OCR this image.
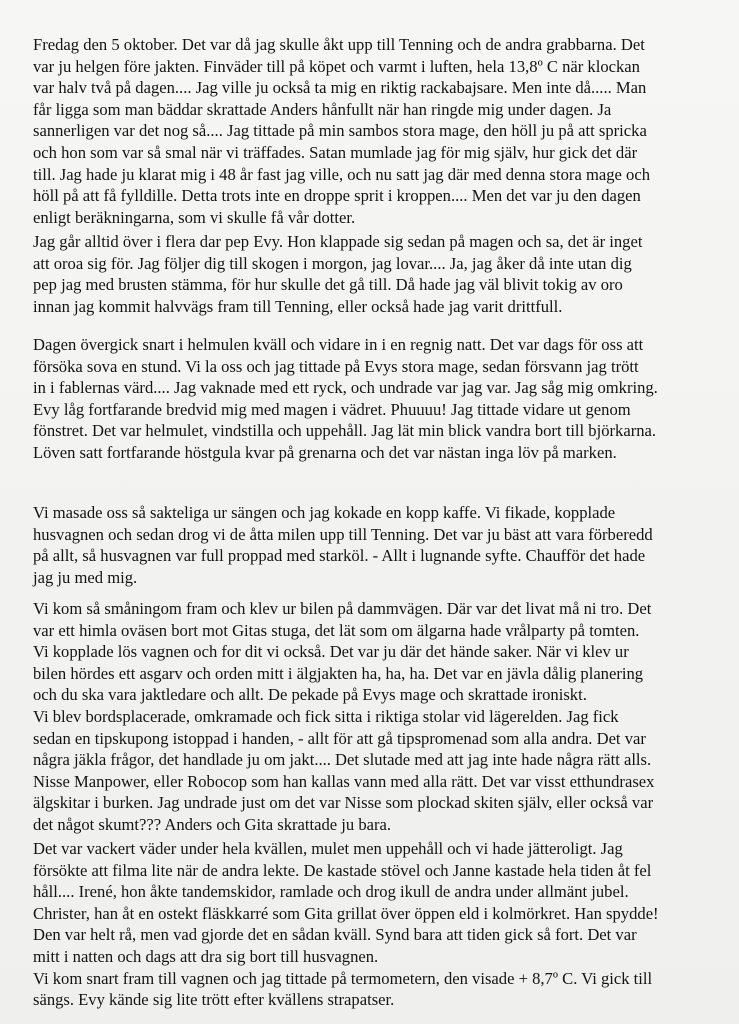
Fredag den 5 oktober. Det var då jag skulle åkt upp till Tenning och de andra grabbarna. Det
var ju helgen före jakten. Finväder till på köpet och varmt i luften, hela 13,8º C när klockan
var halv två på dagen.... Jag ville ju också ta mig en riktig rackabajsare. Men inte då..... Man
får ligga som man bäddar skrattade Anders hånfullt när han ringde mig under dagen. Ja
sannerligen var det nog så.... Jag tittade på min sambos stora mage, den höll ju på att spricka
och hon som var så smal när vi träffades. Satan mumlade jag för mig själv, hur gick det där
till. Jag hade ju klarat mig i 48 år fast jag ville, och nu satt jag där med denna stora mage och
höll på att få fylldille. Detta trots inte en droppe sprit i kroppen.... Men det var ju den dagen
enligt beräkningarna, som vi skulle få vår dotter.
Jag går alltid över i flera dar pep Evy. Hon klappade sig sedan på magen och sa, det är inget
att oroa sig för. Jag följer dig till skogen i morgon, jag lovar.... Ja, jag åker då inte utan dig
pep jag med brusten stämma, för hur skulle det gå till. Då hade jag väl blivit tokig av oro
innan jag kommit halvvägs fram till Tenning, eller också hade jag varit drittfull.
Dagen övergick snart i helmulen kväll och vidare in i en regnig natt. Det var dags för oss att
försöka sova en stund. Vi la oss och jag tittade på Evys stora mage, sedan försvann jag trött
in i fablernas värd.... Jag vaknade med ett ryck, och undrade var jag var. Jag såg mig omkring.
Evy låg fortfarande bredvid mig med magen i vädret. Phuuuu! Jag tittade vidare ut genom
fönstret. Det var helmulet, vindstilla och uppehåll. Jag lät min blick vandra bort till björkarna.
Löven satt fortfarande höstgula kvar på grenarna och det var nästan inga löv på marken.
Vi masade oss så sakteliga ur sängen och jag kokade en kopp kaffe. Vi fikade, kopplade
husvagnen och sedan drog vi de åtta milen upp till Tenning. Det var ju bäst att vara förberedd
på allt, så husvagnen var full proppad med starköl. - Allt i lugnande syfte. Chaufför det hade
jag ju med mig.
Vi kom så småningom fram och klev ur bilen på dammvägen. Där var det livat må ni tro. Det
var ett himla oväsen bort mot Gitas stuga, det lät som om älgarna hade vrålparty på tomten.
Vi kopplade lös vagnen och for dit vi också. Det var ju där det hände saker. När vi klev ur
bilen hördes ett asgarv och orden mitt i älgjakten ha, ha, ha. Det var en jävla dålig planering
och du ska vara jaktledare och allt. De pekade på Evys mage och skrattade ironiskt.
Vi blev bordsplacerade, omkramade och fick sitta i riktiga stolar vid lägerelden. Jag fick
sedan en tipskupong istoppad i handen, - allt för att gå tipspromenad som alla andra. Det var
några jäkla frågor, det handlade ju om jakt.... Det slutade med att jag inte hade några rätt alls.
Nisse Manpower, eller Robocop som han kallas vann med alla rätt. Det var visst etthundrasex
älgskitar i burken. Jag undrade just om det var Nisse som plockad skiten själv, eller också var
det något skumt??? Anders och Gita skrattade ju bara.
Det var vackert väder under hela kvällen, mulet men uppehåll och vi hade jätteroligt. Jag
försökte att filma lite när de andra lekte. De kastade stövel och Janne kastade hela tiden åt fel
håll.... Irené, hon åkte tandemskidor, ramlade och drog ikull de andra under allmänt jubel.
Christer, han åt en ostekt fläskkarré som Gita grillat över öppen eld i kolmörkret. Han spydde!
Den var helt rå, men vad gjorde det en sådan kväll. Synd bara att tiden gick så fort. Det var
mitt i natten och dags att dra sig bort till husvagnen.
Vi kom snart fram till vagnen och jag tittade på termometern, den visade + 8,7º C. Vi gick till
sängs. Evy kände sig lite trött efter kvällens strapatser.
